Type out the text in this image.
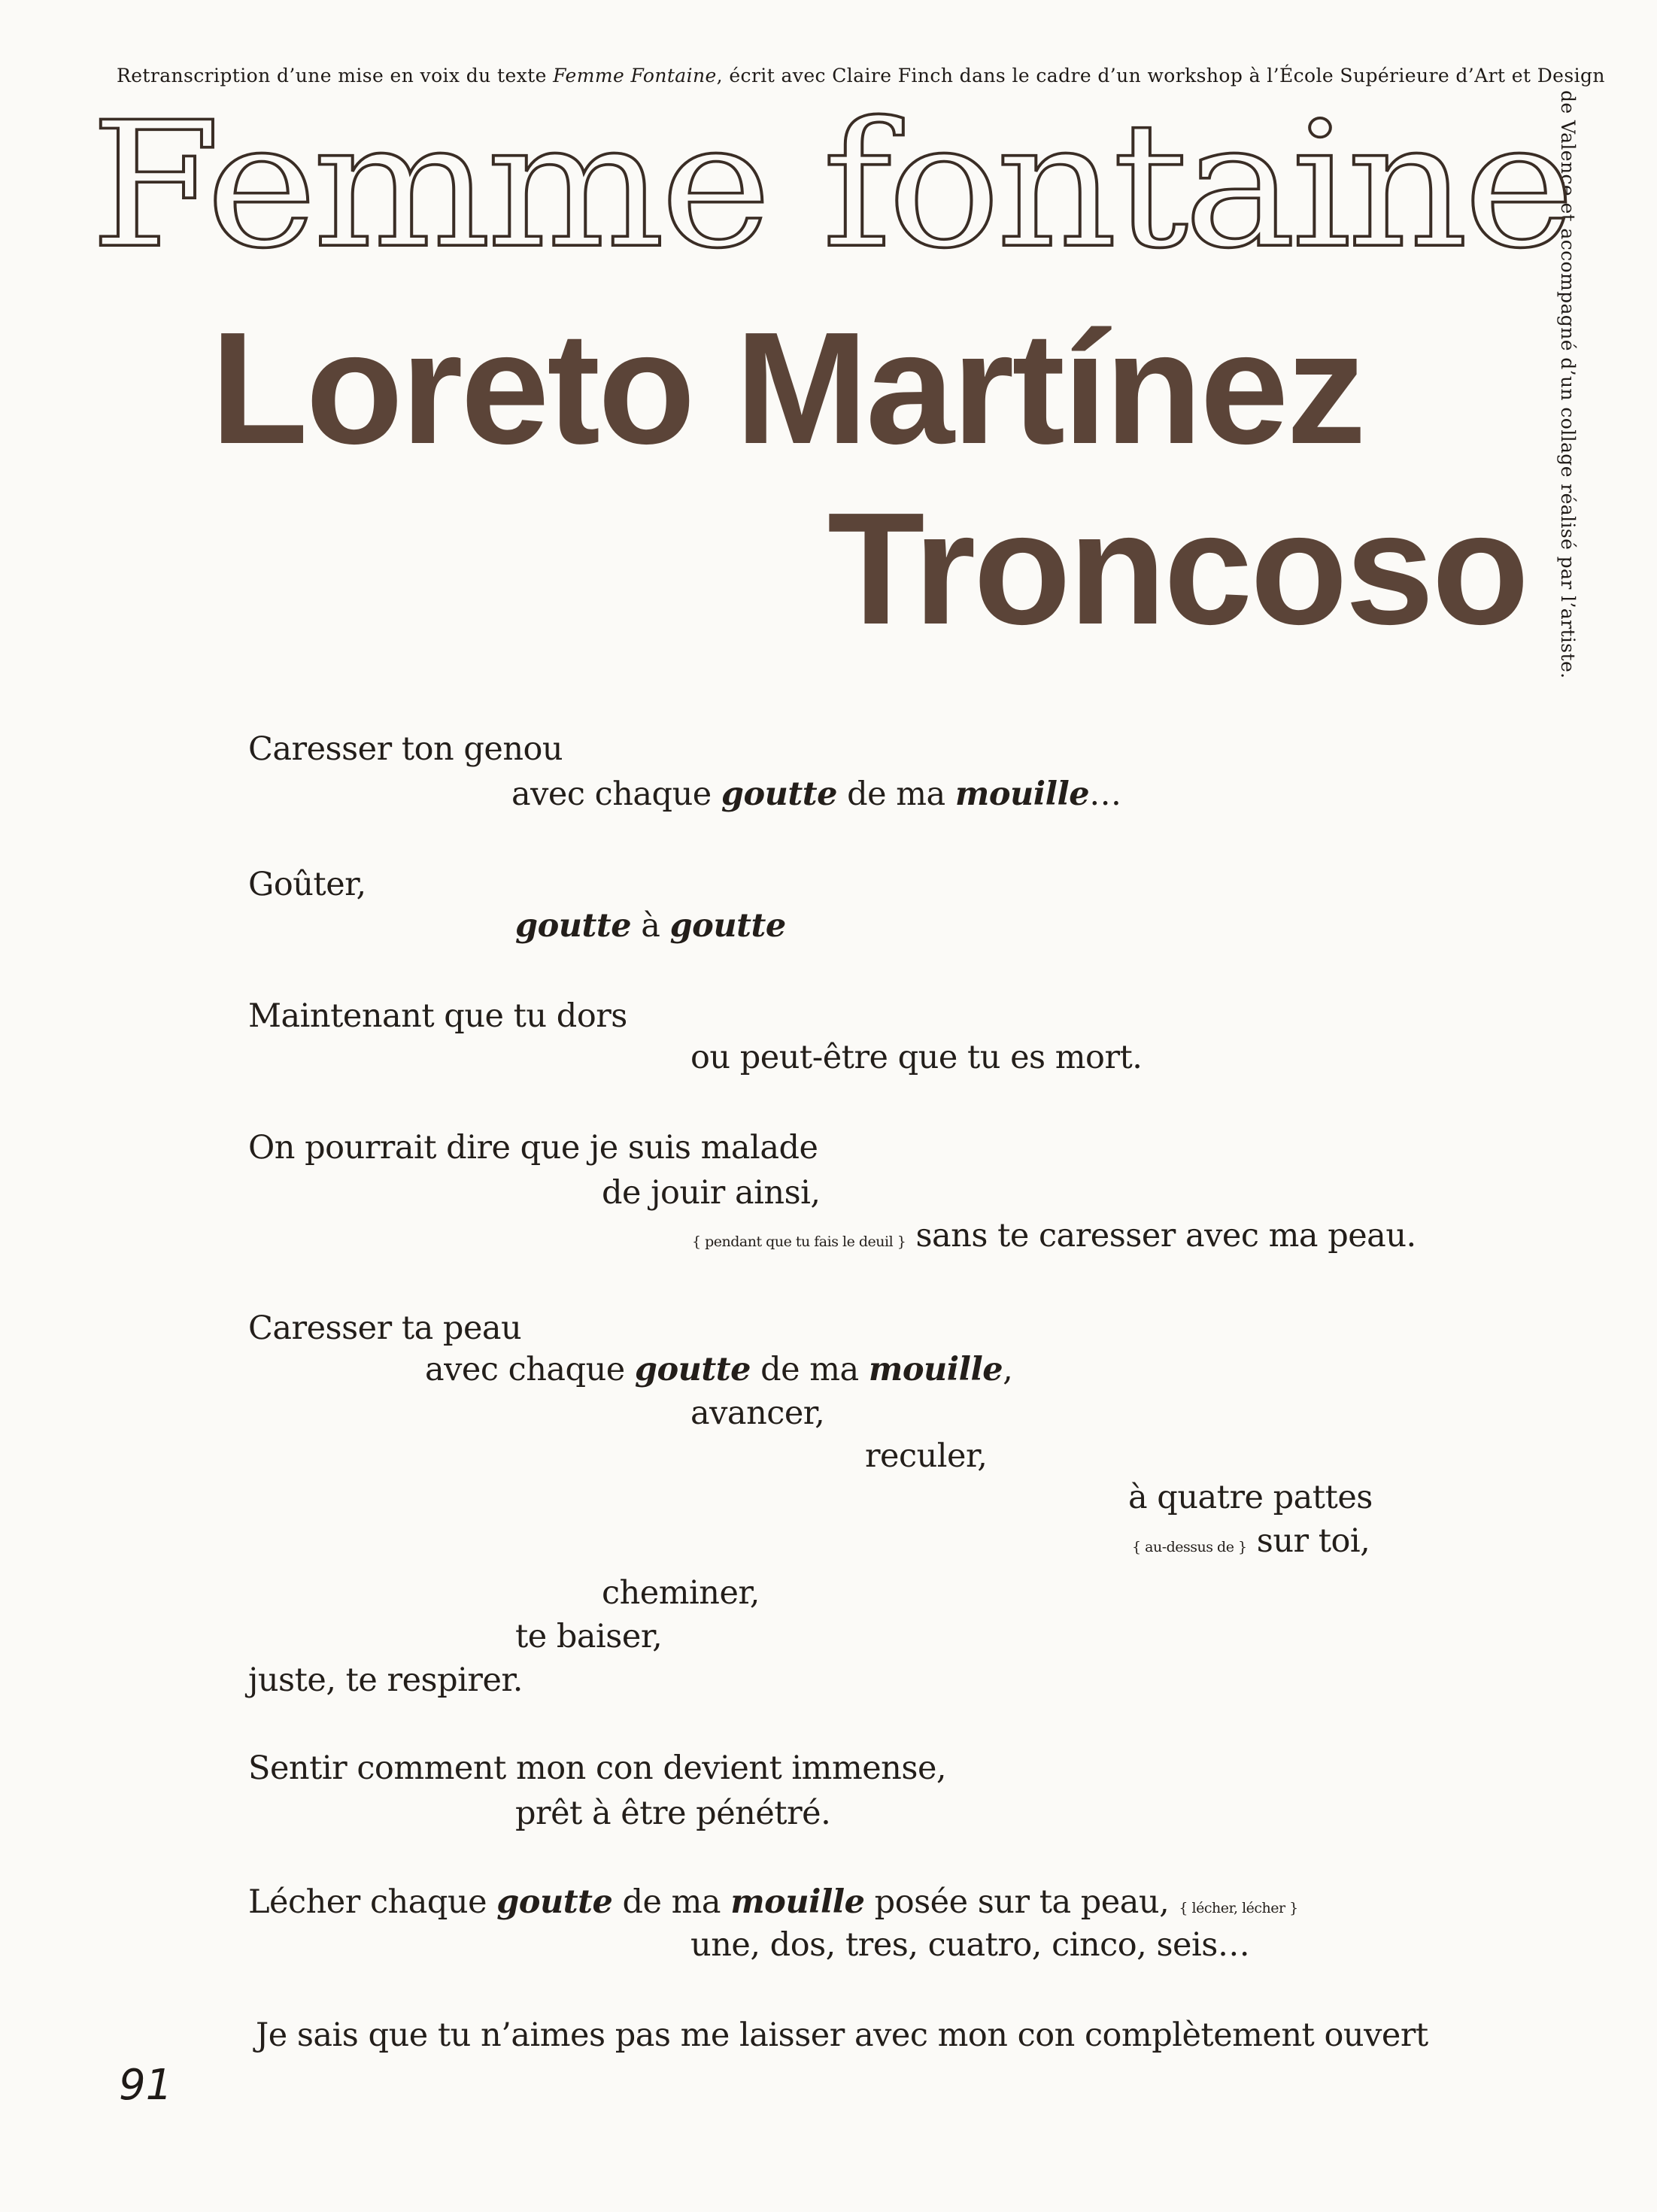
Retranscription d’une mise en voix du texte Femme Fontaine, écrit avec Claire Finch dans le cadre d’un workshop à l’École Supérieure d’Art et Design
de Valence et accompagné d’un collage réalisé par l’artiste.
Femme fontaine
Loreto Martínez
Troncoso
Caresser ton genou
avec chaque goutte de ma mouille…
Goûter,
goutte à goutte
Maintenant que tu dors
ou peut-être que tu es mort.
On pourrait dire que je suis malade
de jouir ainsi,
{ pendant que tu fais le deuil } sans te caresser avec ma peau.
Caresser ta peau
avec chaque goutte de ma mouille,
avancer,
reculer,
à quatre pattes
{ au-dessus de } sur toi,
cheminer,
te baiser,
juste, te respirer.
Sentir comment mon con devient immense,
prêt à être pénétré.
Lécher chaque goutte de ma mouille posée sur ta peau, { lécher, lécher }
une, dos, tres, cuatro, cinco, seis…
Je sais que tu n’aimes pas me laisser avec mon con complètement ouvert
91
